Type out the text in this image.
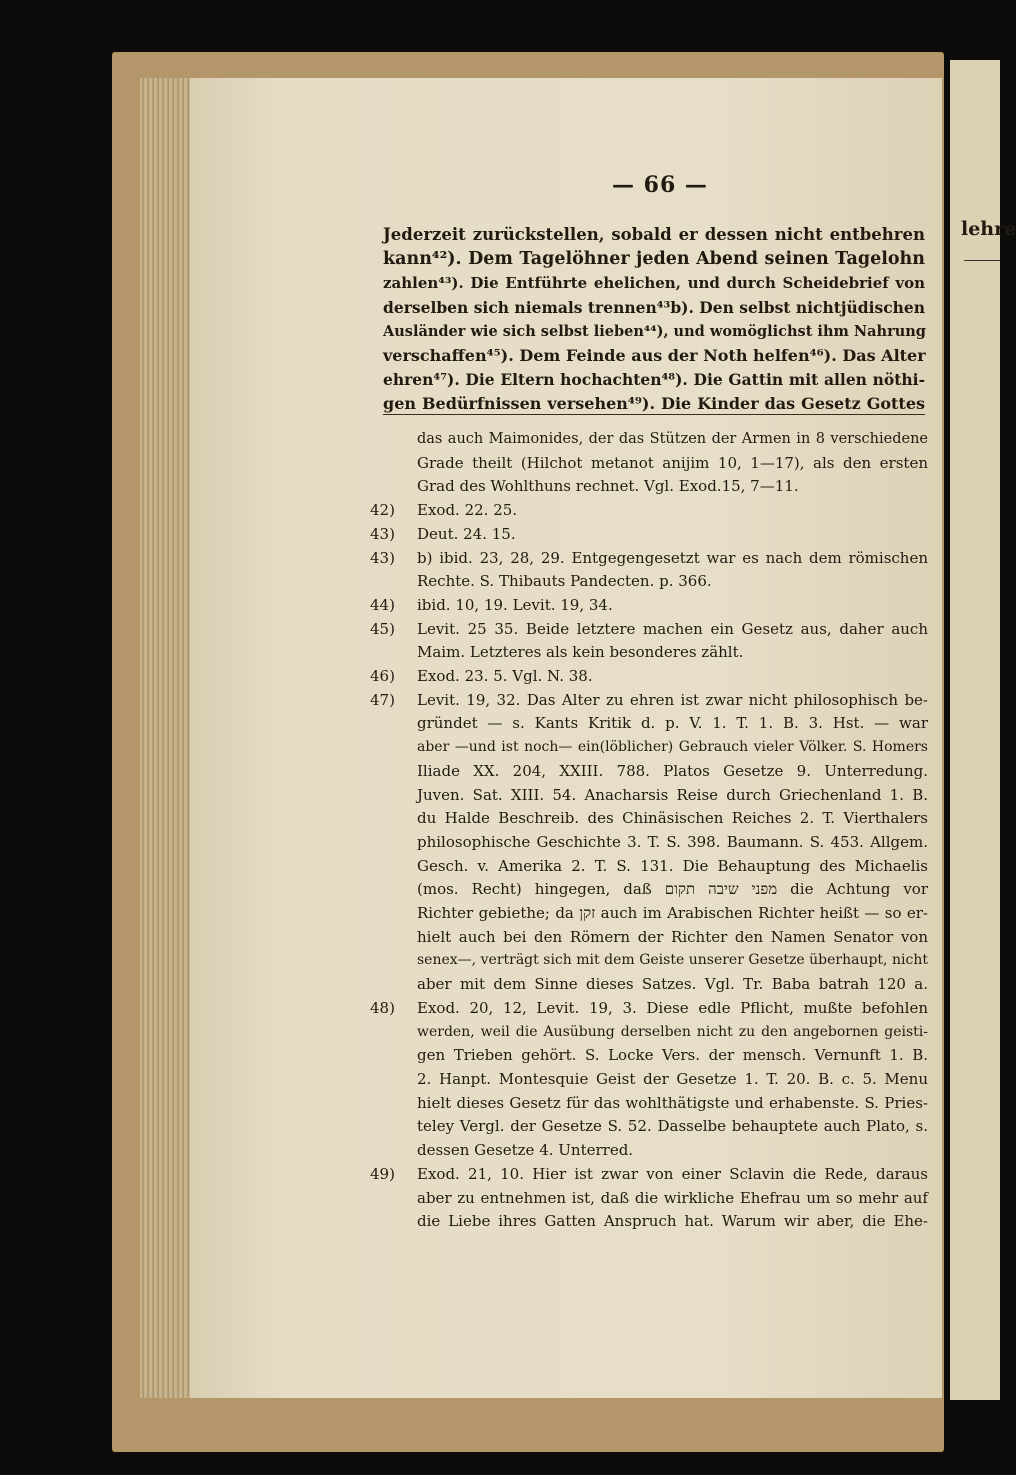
lehre
— 66 —
Jederzeit zurückstellen, sobald er dessen nicht entbehren
kann⁴²). Dem Tagelöhner jeden Abend seinen Tagelohn
zahlen⁴³). Die Entführte ehelichen, und durch Scheidebrief von
derselben sich niemals trennen⁴³b). Den selbst nichtjüdischen
Ausländer wie sich selbst lieben⁴⁴), und womöglichst ihm Nahrung
verschaffen⁴⁵). Dem Feinde aus der Noth helfen⁴⁶). Das Alter
ehren⁴⁷). Die Eltern hochachten⁴⁸). Die Gattin mit allen nöthi-
gen Bedürfnissen versehen⁴⁹). Die Kinder das Gesetz Gottes
das auch Maimonides, der das Stützen der Armen in 8 verschiedene
Grade theilt (Hilchot metanot anijim 10, 1—17), als den ersten
Grad des Wohlthuns rechnet. Vgl. Exod.15, 7—11.
42)	Exod. 22. 25.
43)	Deut. 24. 15.
43)	b) ibid. 23, 28, 29. Entgegengesetzt war es nach dem römischen
Rechte. S. Thibauts Pandecten. p. 366.
44)	ibid. 10, 19. Levit. 19, 34.
45)	Levit. 25 35. Beide letztere machen ein Gesetz aus, daher auch
Maim. Letzteres als kein besonderes zählt.
46)	Exod. 23. 5. Vgl. N. 38.
47)	Levit. 19, 32. Das Alter zu ehren ist zwar nicht philosophisch be-
gründet — s. Kants Kritik d. p. V. 1. T. 1. B. 3. Hst. — war
aber —und ist noch— ein(löblicher) Gebrauch vieler Völker. S. Homers
Iliade XX. 204, XXIII. 788. Platos Gesetze 9. Unterredung.
Juven. Sat. XIII. 54. Anacharsis Reise durch Griechenland 1. B.
du Halde Beschreib. des Chinäsischen Reiches 2. T. Vierthalers
philosophische Geschichte 3. T. S. 398. Baumann. S. 453. Allgem.
Gesch. v. Amerika 2. T. S. 131. Die Behauptung des Michaelis
(mos. Recht) hingegen, daß מפני שיבה תקום die Achtung vor
Richter gebiethe; da זקן auch im Arabischen Richter heißt — so er-
hielt auch bei den Römern der Richter den Namen Senator von
senex—, verträgt sich mit dem Geiste unserer Gesetze überhaupt, nicht
aber mit dem Sinne dieses Satzes. Vgl. Tr. Baba batrah 120 a.
48)	Exod. 20, 12, Levit. 19, 3. Diese edle Pflicht, mußte befohlen
werden, weil die Ausübung derselben nicht zu den angebornen geisti-
gen Trieben gehört. S. Locke Vers. der mensch. Vernunft 1. B.
2. Hanpt. Montesquie Geist der Gesetze 1. T. 20. B. c. 5. Menu
hielt dieses Gesetz für das wohlthätigste und erhabenste. S. Pries-
teley Vergl. der Gesetze S. 52. Dasselbe behauptete auch Plato, s.
dessen Gesetze 4. Unterred.
49)	Exod. 21, 10. Hier ist zwar von einer Sclavin die Rede, daraus
aber zu entnehmen ist, daß die wirkliche Ehefrau um so mehr auf
die Liebe ihres Gatten Anspruch hat. Warum wir aber, die Ehe-
